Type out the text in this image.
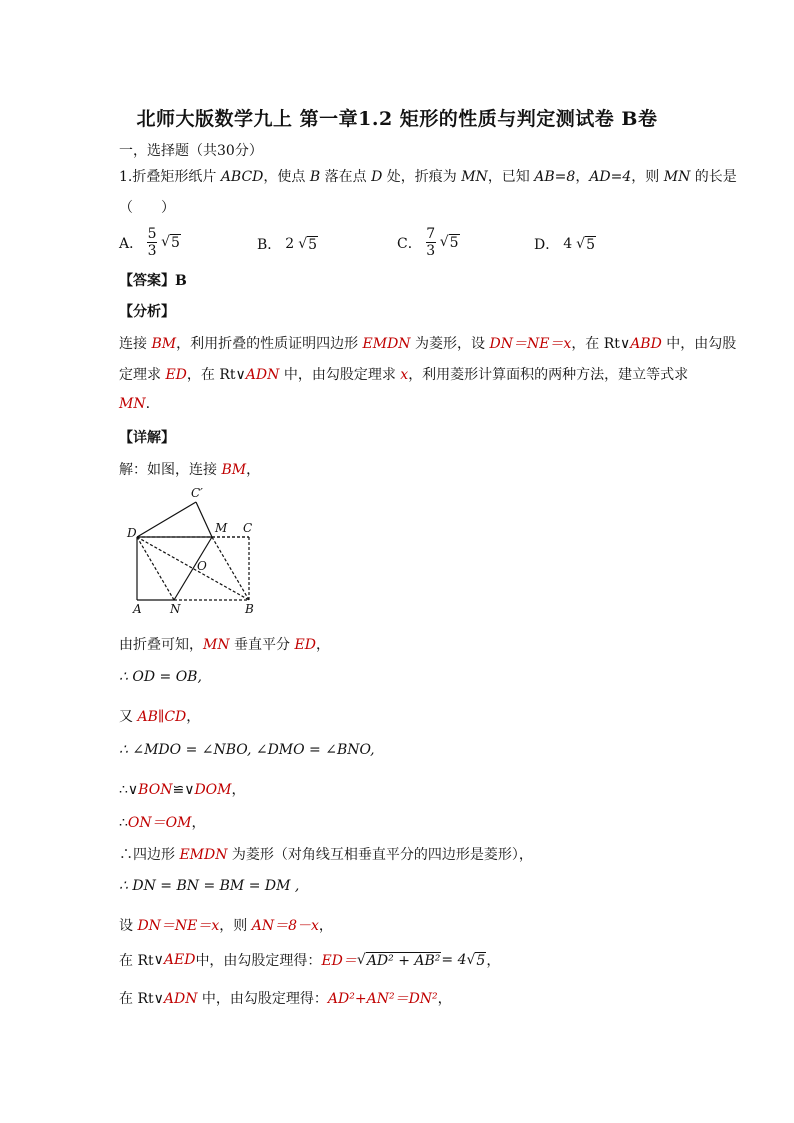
北师大版数学九上 第一章1.2 矩形的性质与判定测试卷 B卷
一，选择题（共30分）
1.折叠矩形纸片 ABCD，使点 B 落在点 D 处，折痕为 MN，已知 AB=8，AD=4，则 MN 的长是
（　　）
A． $\frac{5}{3}$ √ 5	B． 2 √ 5	C． $\frac{7}{3}$ √ 5	D． 4 √ 5
【答案】B
【分析】
连接 BM，利用折叠的性质证明四边形 EMDN 为菱形，设 DN＝NE＝x，在 Rt∨ABD 中，由勾股
定理求 ED，在 Rt∨ADN 中，由勾股定理求 x，利用菱形计算面积的两种方法，建立等式求
MN.
【详解】
解：如图，连接 BM，
C′
D	M C
O
A N	B
由折叠可知，MN 垂直平分 ED，
∴ OD = OB,
又 AB∥CD，
∴ ∠MDO = ∠NBO, ∠DMO = ∠BNO,
∴∨BON≌∨DOM，
∴ON＝OM，
∴四边形 EMDN 为菱形（对角线互相垂直平分的四边形是菱形），
∴ DN = BN = BM = DM ,
设 DN＝NE＝x，则 AN＝8－x，
在 Rt ∨ AED 中，由勾股定理得： ED＝ √ AD² + AB² = 4 √ 5 ，
在 Rt∨ADN 中，由勾股定理得：AD²+AN²＝DN²，
